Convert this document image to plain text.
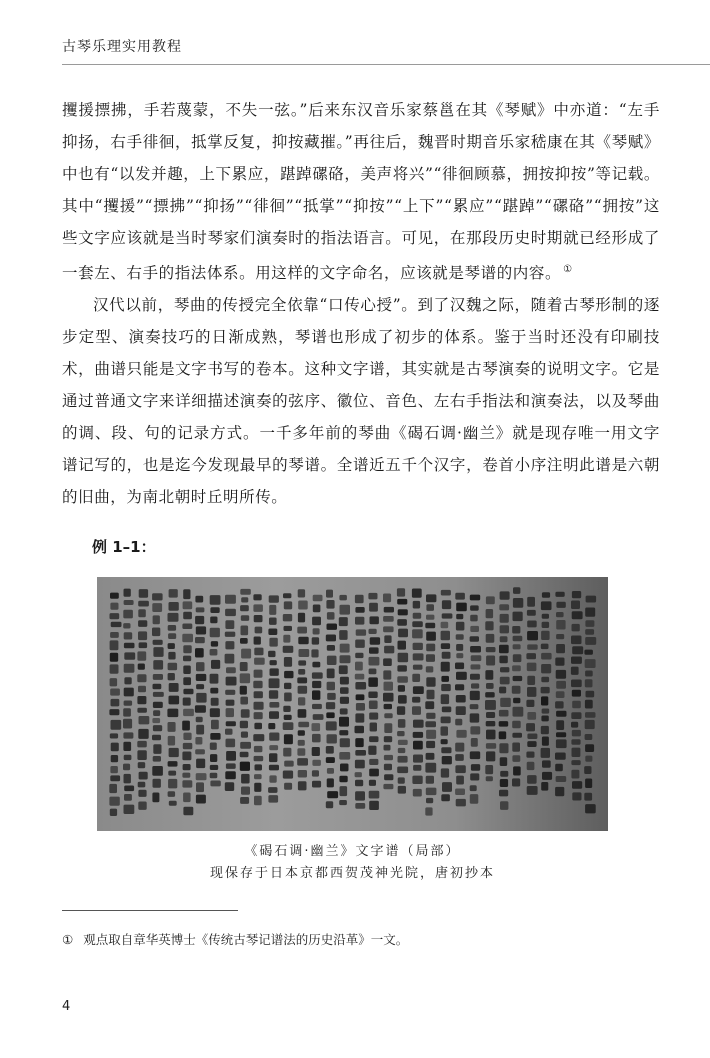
古琴乐理实用教程

攫援摽拂，手若蔑蒙，不失一弦。”后来东汉音乐家蔡邕在其《琴赋》中亦道：“左手抑扬，右手徘徊，抵掌反复，抑按藏摧。”再往后，魏晋时期音乐家嵇康在其《琴赋》中也有“以发并趣，上下累应，踸踔磥硌，美声将兴”“徘徊顾慕，拥按抑按”等记载。其中“攫援”“摽拂”“抑扬”“徘徊”“抵掌”“抑按”“上下”“累应”“踸踔”“磥硌”“拥按”这些文字应该就是当时琴家们演奏时的指法语言。可见，在那段历史时期就已经形成了一套左、右手的指法体系。用这样的文字命名，应该就是琴谱的内容。 ①

汉代以前，琴曲的传授完全依靠“口传心授”。到了汉魏之际，随着古琴形制的逐步定型、演奏技巧的日渐成熟，琴谱也形成了初步的体系。鉴于当时还没有印刷技术，曲谱只能是文字书写的卷本。这种文字谱，其实就是古琴演奏的说明文字。它是通过普通文字来详细描述演奏的弦序、徽位、音色、左右手指法和演奏法，以及琴曲的调、段、句的记录方式。一千多年前的琴曲《碣石调·幽兰》就是现存唯一用文字谱记写的，也是迄今发现最早的琴谱。全谱近五千个汉字，卷首小序注明此谱是六朝的旧曲，为南北朝时丘明所传。

例 1–1：
《碣石调·幽兰》文字谱（局部）
现保存于日本京都西贺茂神光院，唐初抄本
① 观点取自章华英博士《传统古琴记谱法的历史沿革》一文。
4
